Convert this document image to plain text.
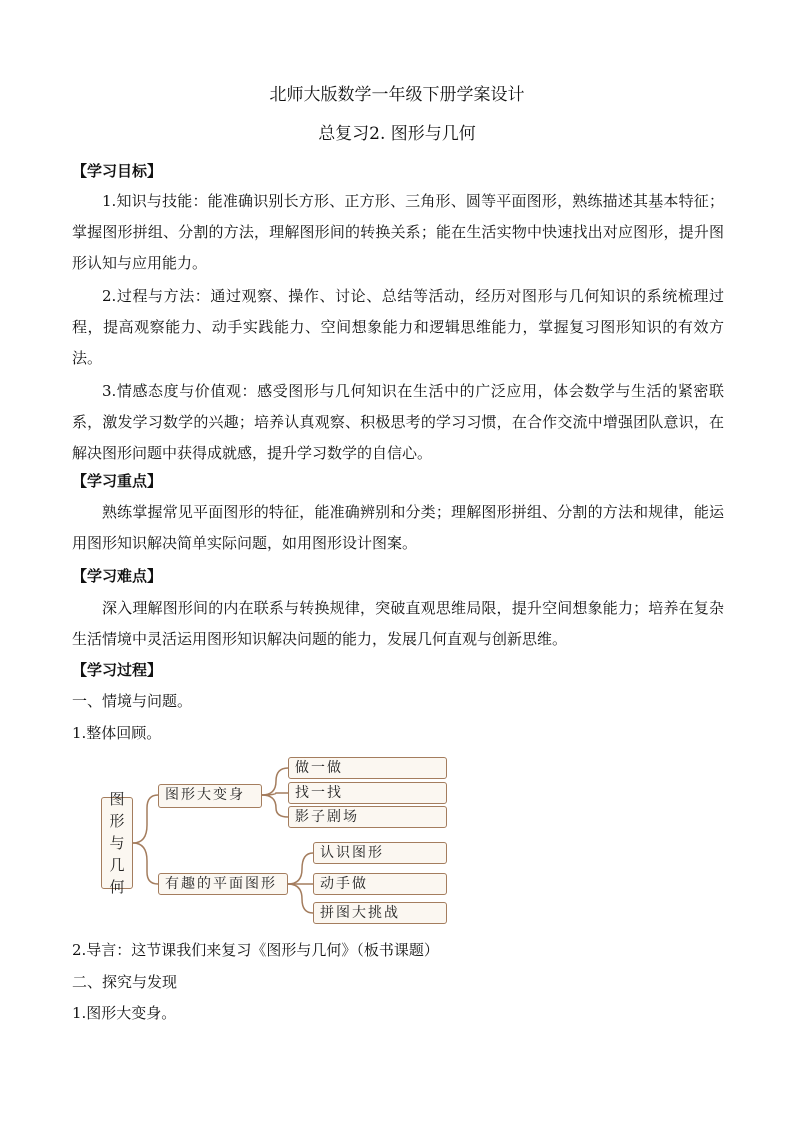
北师大版数学一年级下册学案设计
总复习2. 图形与几何
【学习目标】
1.知识与技能：能准确识别长方形、正方形、三角形、圆等平面图形，熟练描述其基本特征；掌握图形拼组、分割的方法，理解图形间的转换关系；能在生活实物中快速找出对应图形，提升图形认知与应用能力。
2.过程与方法：通过观察、操作、讨论、总结等活动，经历对图形与几何知识的系统梳理过程，提高观察能力、动手实践能力、空间想象能力和逻辑思维能力，掌握复习图形知识的有效方法。
3.情感态度与价值观：感受图形与几何知识在生活中的广泛应用，体会数学与生活的紧密联系，激发学习数学的兴趣；培养认真观察、积极思考的学习习惯，在合作交流中增强团队意识，在解决图形问题中获得成就感，提升学习数学的自信心。
【学习重点】
熟练掌握常见平面图形的特征，能准确辨别和分类；理解图形拼组、分割的方法和规律，能运用图形知识解决简单实际问题，如用图形设计图案。
【学习难点】
深入理解图形间的内在联系与转换规律，突破直观思维局限，提升空间想象能力；培养在复杂生活情境中灵活运用图形知识解决问题的能力，发展几何直观与创新思维。
【学习过程】
一、情境与问题。
1.整体回顾。
图
形
与
几
何
图形大变身
做一做
找一找
影子剧场
有趣的平面图形
认识图形
动手做
拼图大挑战
2.导言：这节课我们来复习《图形与几何》（板书课题）
二、探究与发现
1.图形大变身。
